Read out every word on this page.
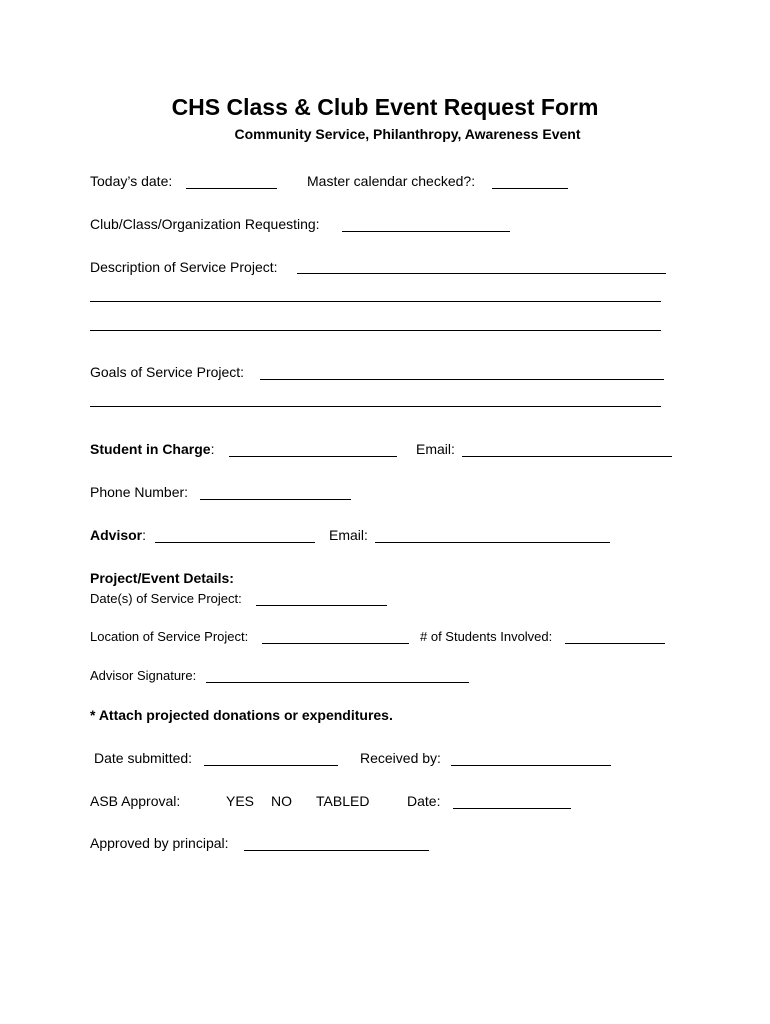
CHS Class & Club Event Request Form
Community Service, Philanthropy, Awareness Event
Today’s date:	Master calendar checked?:
Club/Class/Organization Requesting:
Description of Service Project:
Goals of Service Project:
Student in Charge:	Email:
Phone Number:
Advisor:	Email:
Project/Event Details:
Date(s) of Service Project:
Location of Service Project:	# of Students Involved:
Advisor Signature:
* Attach projected donations or expenditures.
Date submitted:	Received by:
ASB Approval:	YES NO TABLED	Date:
Approved by principal:
